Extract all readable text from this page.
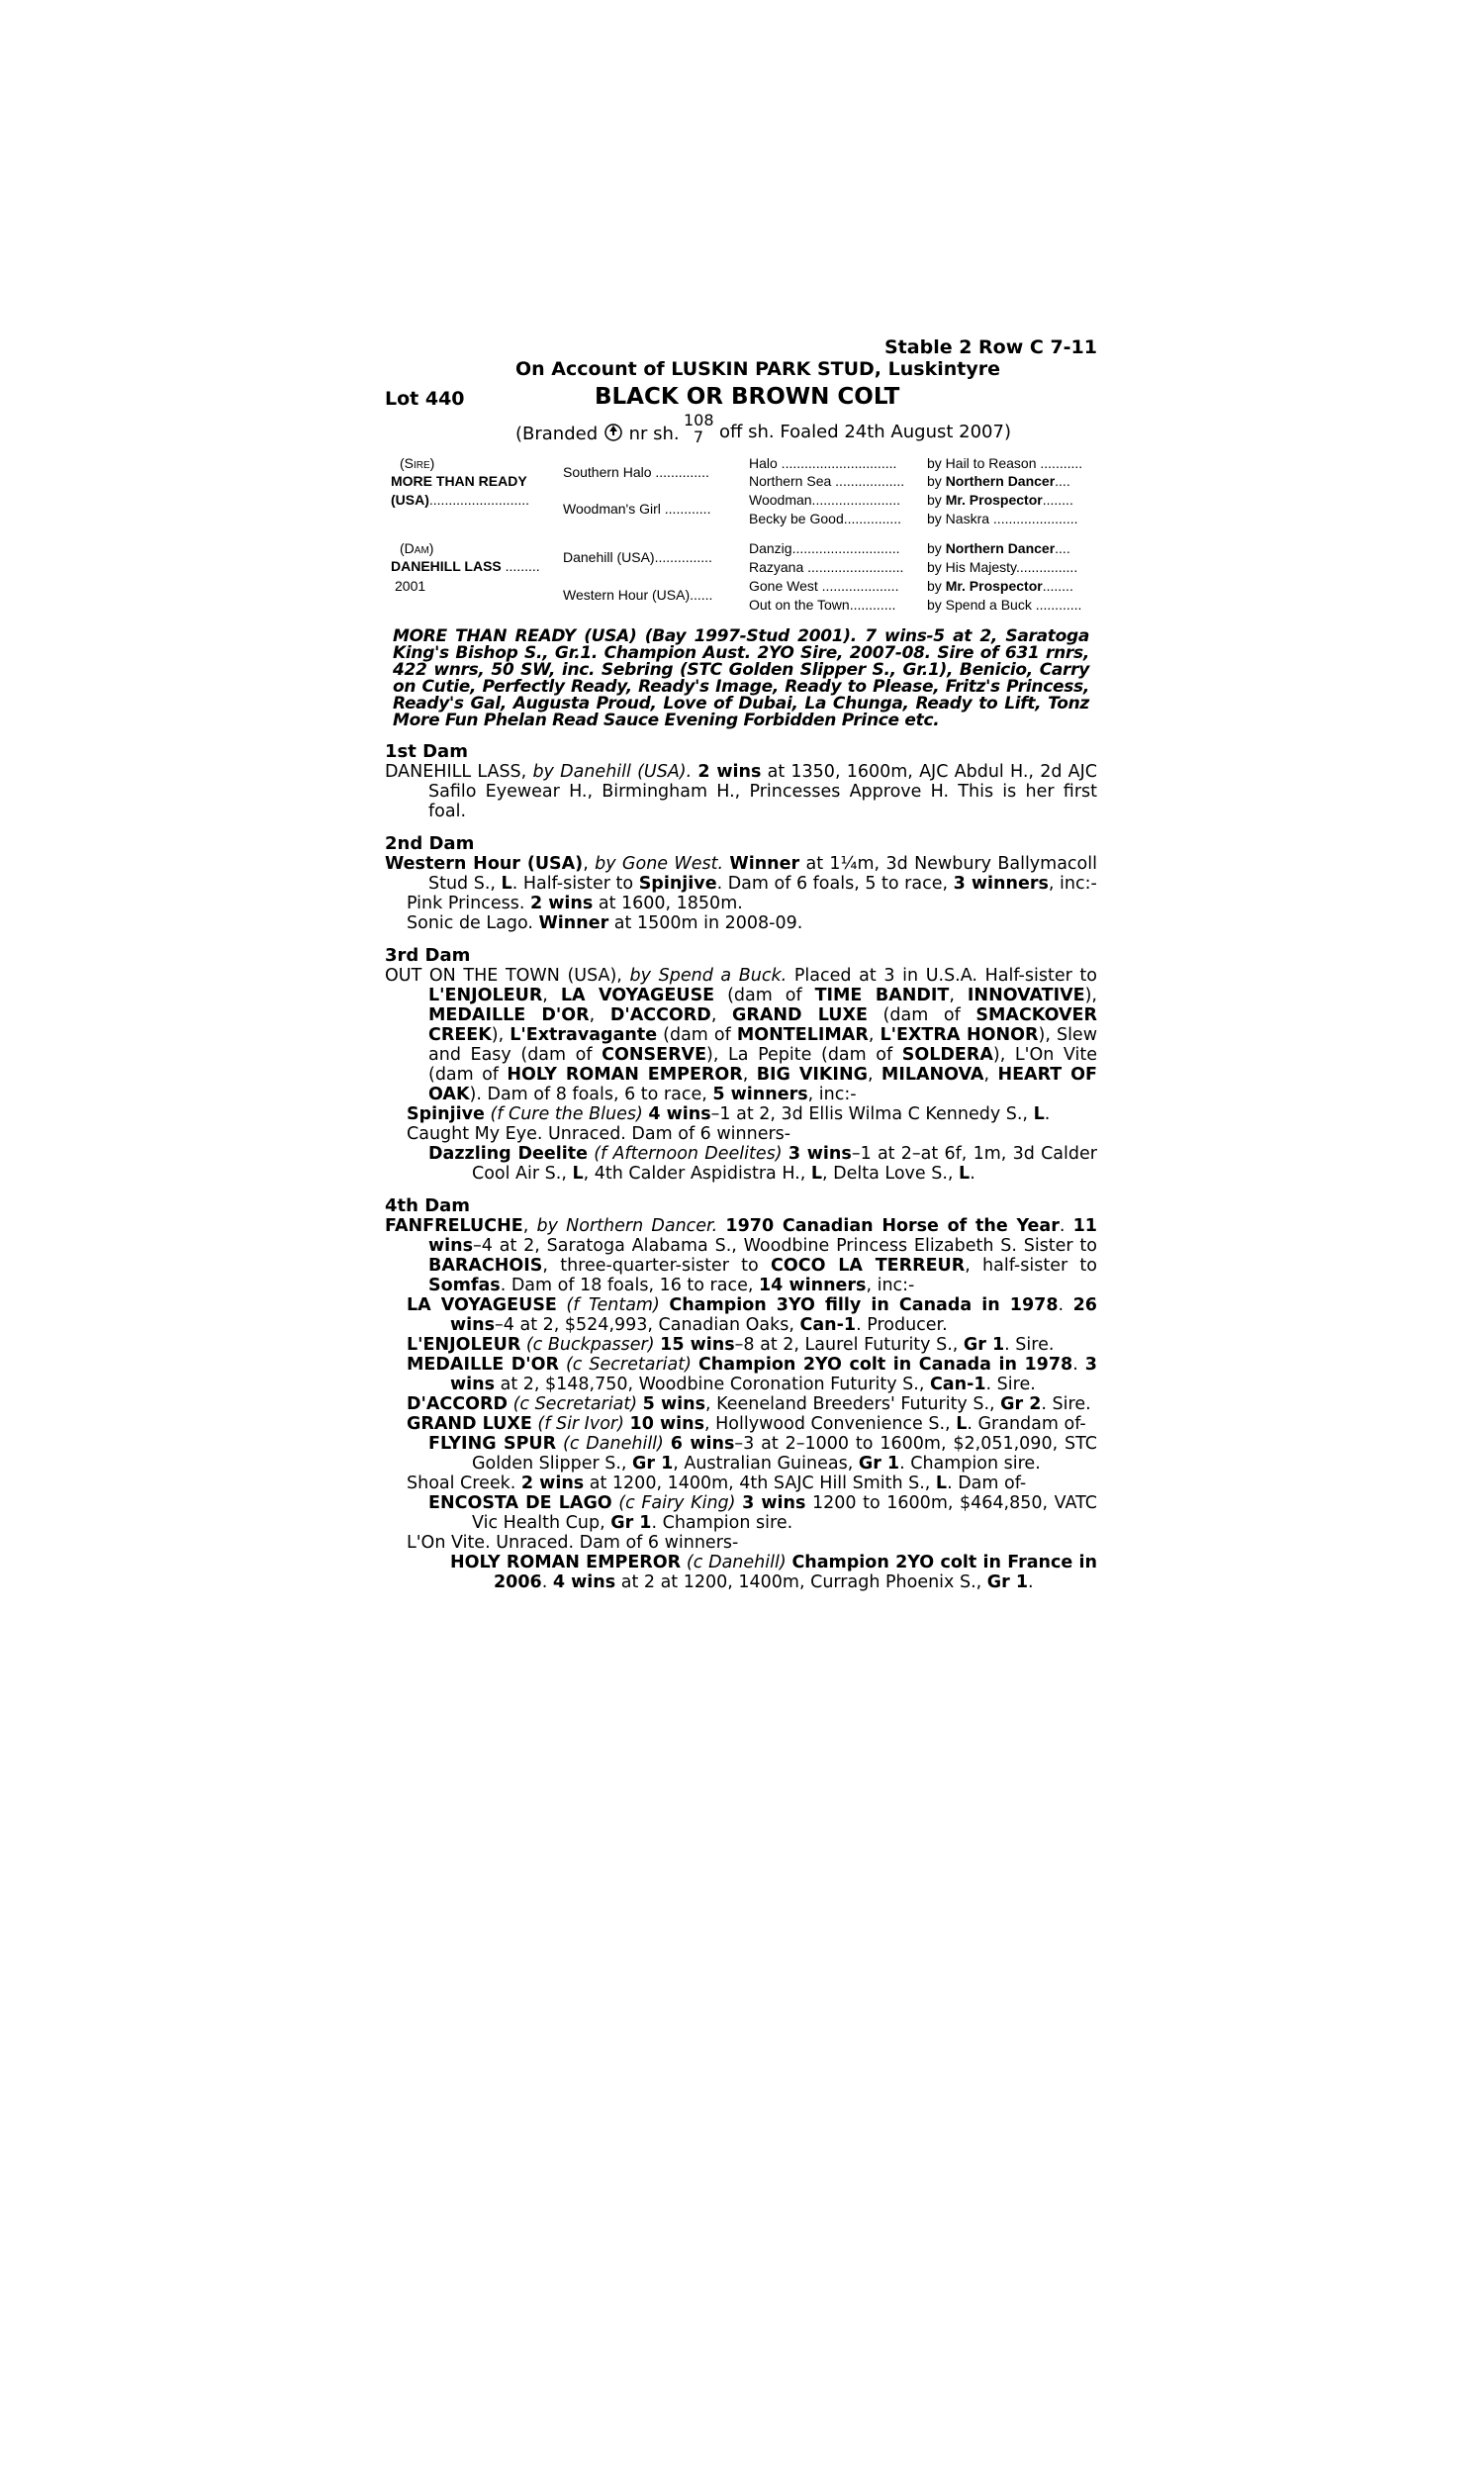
Stable 2 Row C 7-11
On Account of LUSKIN PARK STUD, Luskintyre
Lot 440	BLACK OR BROWN COLT
(Branded nr sh.
108
7 off sh. Foaled 24th August 2007)
(Sire)
MORE THAN READY
(USA)..........................
Southern Halo ..............
Woodman's Girl ............
Halo ..............................
Northern Sea ..................
Woodman.......................
Becky be Good...............
by Hail to Reason ...........
by Northern Dancer....
by Mr. Prospector........
by Naskra ......................
(Dam)
DANEHILL LASS .........
2001
Danehill (USA)...............
Western Hour (USA)......
Danzig............................
Razyana .........................
Gone West ....................
Out on the Town............
by Northern Dancer....
by His Majesty................
by Mr. Prospector........
by Spend a Buck ............
MORE THAN READY (USA) (Bay 1997-Stud 2001). 7 wins-5 at 2, Saratoga King's Bishop S., Gr.1. Champion Aust. 2YO Sire, 2007-08. Sire of 631 rnrs, 422 wnrs, 50 SW, inc. Sebring (STC Golden Slipper S., Gr.1), Benicio, Carry on Cutie, Perfectly Ready, Ready's Image, Ready to Please, Fritz's Princess, Ready's Gal, Augusta Proud, Love of Dubai, La Chunga, Ready to Lift, Tonz More Fun Phelan Read Sauce Evening Forbidden Prince etc.
1st Dam
DANEHILL LASS, by Danehill (USA). 2 wins at 1350, 1600m, AJC Abdul H., 2d AJC Safilo Eyewear H., Birmingham H., Princesses Approve H. This is her first foal.
2nd Dam
Western Hour (USA), by Gone West. Winner at 1¼m, 3d Newbury Ballymacoll Stud S., L. Half-sister to Spinjive. Dam of 6 foals, 5 to race, 3 winners, inc:-
Pink Princess. 2 wins at 1600, 1850m.
Sonic de Lago. Winner at 1500m in 2008-09.
3rd Dam
OUT ON THE TOWN (USA), by Spend a Buck. Placed at 3 in U.S.A. Half-sister to L'ENJOLEUR, LA VOYAGEUSE (dam of TIME BANDIT, INNOVATIVE), MEDAILLE D'OR, D'ACCORD, GRAND LUXE (dam of SMACKOVER CREEK), L'Extravagante (dam of MONTELIMAR, L'EXTRA HONOR), Slew and Easy (dam of CONSERVE), La Pepite (dam of SOLDERA), L'On Vite (dam of HOLY ROMAN EMPEROR, BIG VIKING, MILANOVA, HEART OF OAK). Dam of 8 foals, 6 to race, 5 winners, inc:-
Spinjive (f Cure the Blues) 4 wins–1 at 2, 3d Ellis Wilma C Kennedy S., L.
Caught My Eye. Unraced. Dam of 6 winners-
Dazzling Deelite (f Afternoon Deelites) 3 wins–1 at 2–at 6f, 1m, 3d Calder Cool Air S., L, 4th Calder Aspidistra H., L, Delta Love S., L.
4th Dam
FANFRELUCHE, by Northern Dancer. 1970 Canadian Horse of the Year. 11 wins–4 at 2, Saratoga Alabama S., Woodbine Princess Elizabeth S. Sister to BARACHOIS, three-quarter-sister to COCO LA TERREUR, half-sister to Somfas. Dam of 18 foals, 16 to race, 14 winners, inc:-
LA VOYAGEUSE (f Tentam) Champion 3YO filly in Canada in 1978. 26 wins–4 at 2, $524,993, Canadian Oaks, Can-1. Producer.
L'ENJOLEUR (c Buckpasser) 15 wins–8 at 2, Laurel Futurity S., Gr 1. Sire.
MEDAILLE D'OR (c Secretariat) Champion 2YO colt in Canada in 1978. 3 wins at 2, $148,750, Woodbine Coronation Futurity S., Can-1. Sire.
D'ACCORD (c Secretariat) 5 wins, Keeneland Breeders' Futurity S., Gr 2. Sire.
GRAND LUXE (f Sir Ivor) 10 wins, Hollywood Convenience S., L. Grandam of-
FLYING SPUR (c Danehill) 6 wins–3 at 2–1000 to 1600m, $2,051,090, STC Golden Slipper S., Gr 1, Australian Guineas, Gr 1. Champion sire.
Shoal Creek. 2 wins at 1200, 1400m, 4th SAJC Hill Smith S., L. Dam of-
ENCOSTA DE LAGO (c Fairy King) 3 wins 1200 to 1600m, $464,850, VATC Vic Health Cup, Gr 1. Champion sire.
L'On Vite. Unraced. Dam of 6 winners-
HOLY ROMAN EMPEROR (c Danehill) Champion 2YO colt in France in 2006. 4 wins at 2 at 1200, 1400m, Curragh Phoenix S., Gr 1.
